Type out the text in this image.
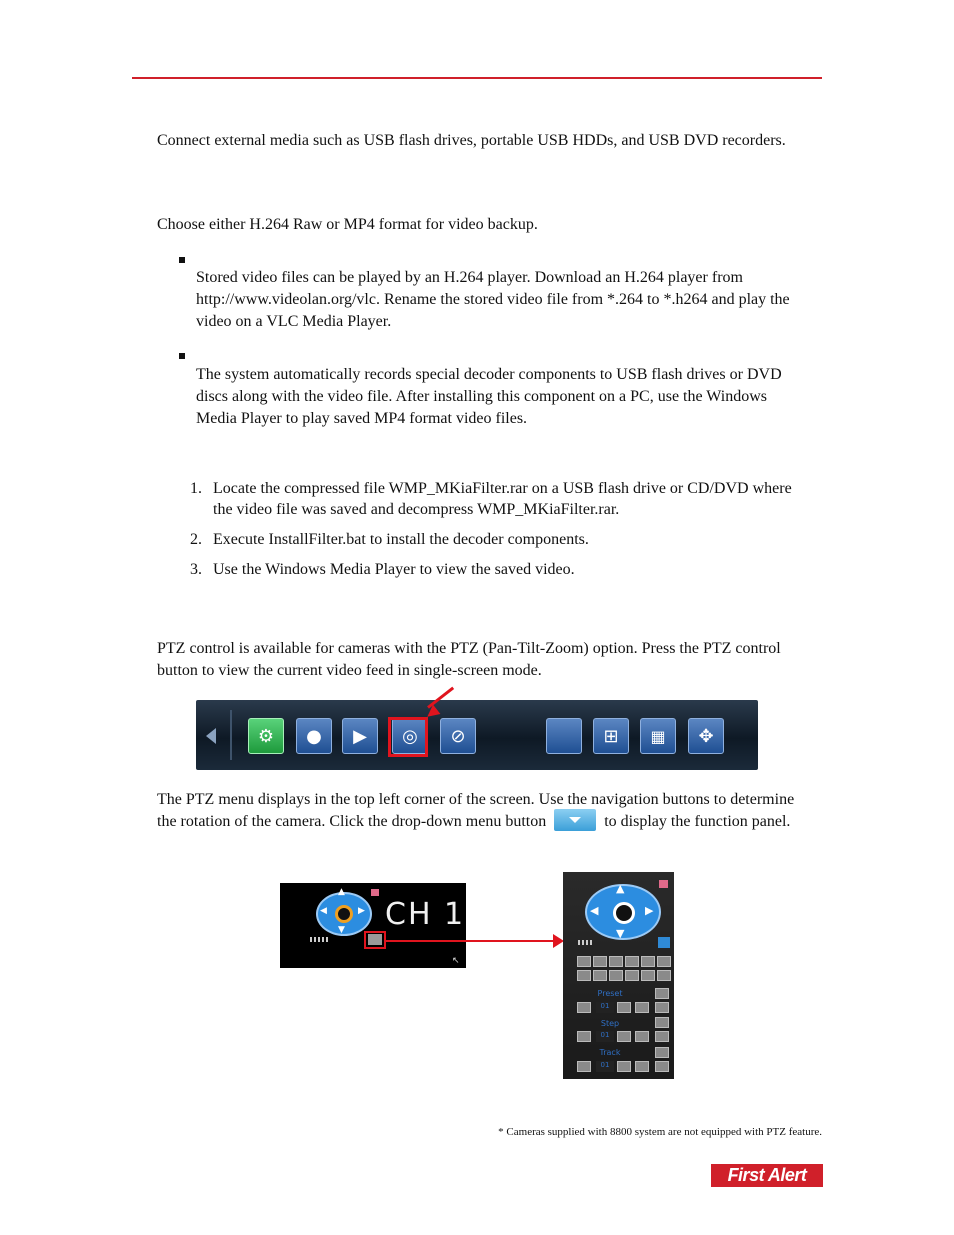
Connect external media such as USB flash drives, portable USB HDDs, and USB DVD recorders.

Choose either H.264 Raw or MP4 format for video backup.

Stored video files can be played by an H.264 player. Download an H.264 player from http://www.videolan.org/vlc. Rename the stored video file from *.264 to *.h264 and play the video on a VLC Media Player.

The system automatically records special decoder components to USB flash drives or DVD discs along with the video file. After installing this component on a PC, use the Windows Media Player to play saved MP4 format video files.

1. Locate the compressed file WMP_MKiaFilter.rar on a USB flash drive or CD/DVD where the video file was saved and decompress WMP_MKiaFilter.rar.
2. Execute InstallFilter.bat to install the decoder components.
3. Use the Windows Media Player to view the saved video.

PTZ control is available for cameras with the PTZ (Pan-Tilt-Zoom) option. Press the PTZ control button to view the current video feed in single-screen mode.

⚙	●	▶	◎	⊘	⊞	▦	✥

The PTZ menu displays in the top left corner of the screen. Use the navigation buttons to determine the rotation of the camera. Click the drop-down menu button	to display the function panel.

▲
▼
◀	▶ CH 1
↖
▲
▼
◀	▶
Preset
01
Step
01
Track
01
* Cameras supplied with 8800 system are not equipped with PTZ feature.
First Alert
